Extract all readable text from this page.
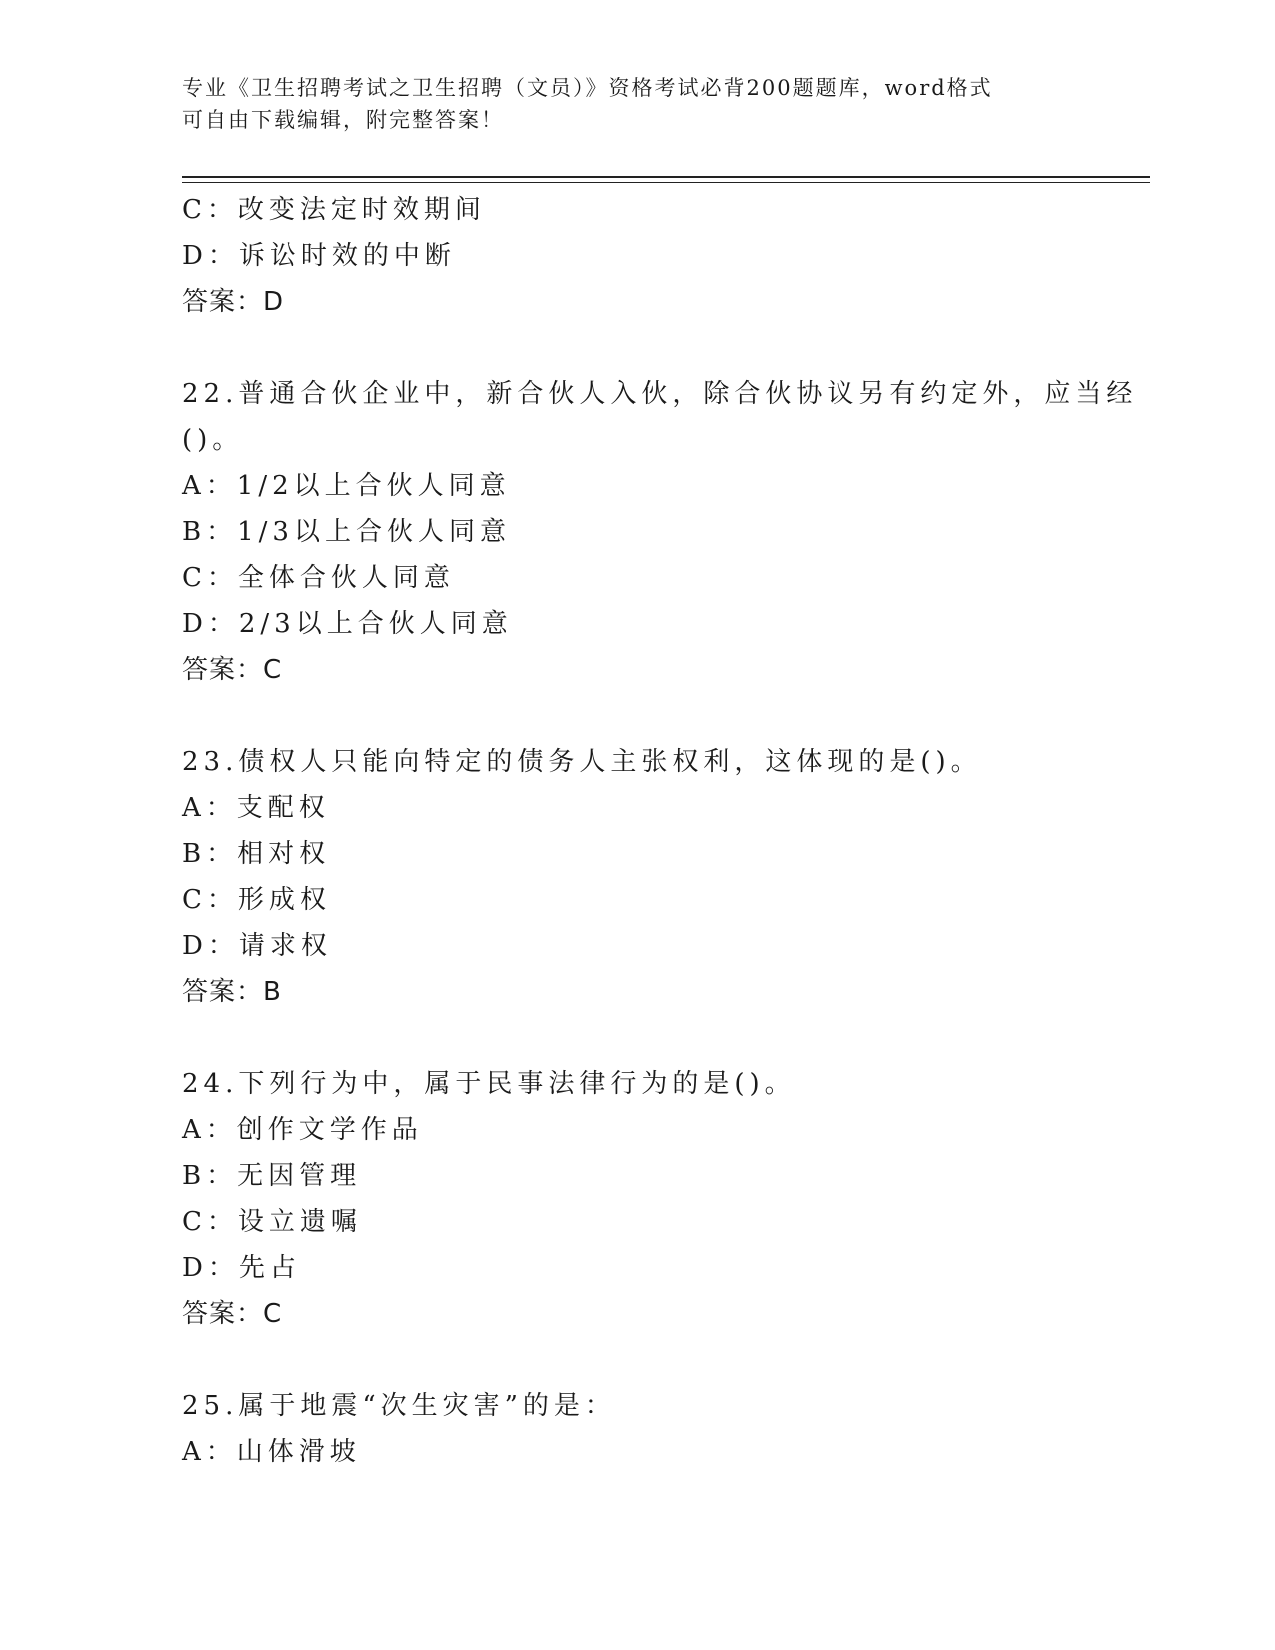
专业《卫生招聘考试之卫生招聘（文员）》资格考试必背200题题库，word格式
可自由下载编辑，附完整答案！
C：改变法定时效期间
D：诉讼时效的中断
答案：D
22.普通合伙企业中，新合伙人入伙，除合伙协议另有约定外，应当经
()。
A：1/2以上合伙人同意
B：1/3以上合伙人同意
C：全体合伙人同意
D：2/3以上合伙人同意
答案：C
23.债权人只能向特定的债务人主张权利，这体现的是()。
A：支配权
B：相对权
C：形成权
D：请求权
答案：B
24.下列行为中，属于民事法律行为的是()。
A：创作文学作品
B：无因管理
C：设立遗嘱
D：先占
答案：C
25.属于地震“次生灾害”的是：
A：山体滑坡
